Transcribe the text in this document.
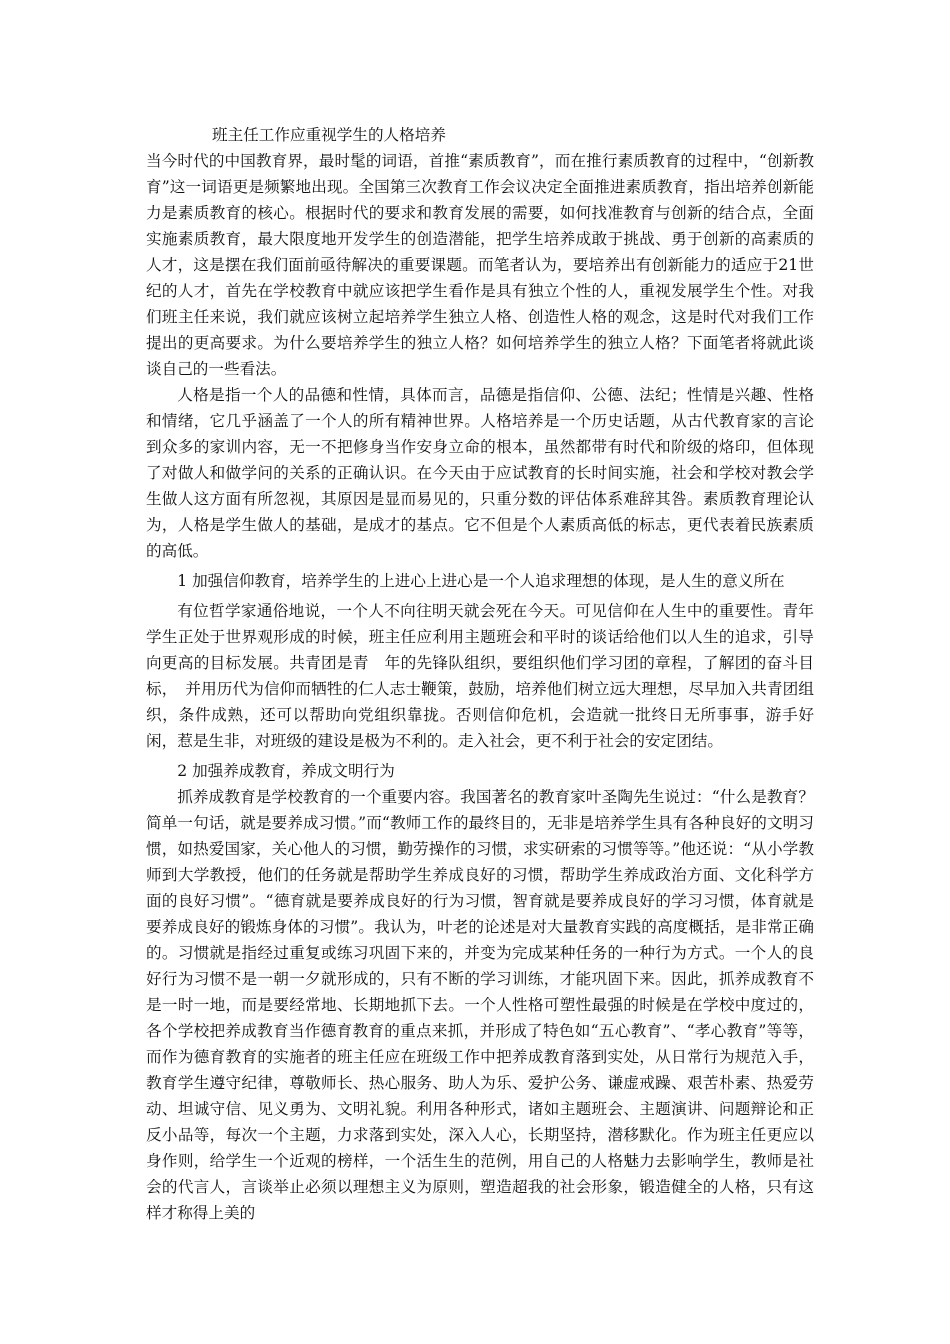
班主任工作应重视学生的人格培养

当今时代的中国教育界，最时髦的词语，首推“素质教育”，而在推行素质教育的过程中，“创新教育”这一词语更是频繁地出现。全国第三次教育工作会议决定全面推进素质教育，指出培养创新能力是素质教育的核心。根据时代的要求和教育发展的需要，如何找准教育与创新的结合点，全面实施素质教育，最大限度地开发学生的创造潜能，把学生培养成敢于挑战、勇于创新的高素质的人才，这是摆在我们面前亟待解决的重要课题。而笔者认为，要培养出有创新能力的适应于21世纪的人才，首先在学校教育中就应该把学生看作是具有独立个性的人，重视发展学生个性。对我们班主任来说，我们就应该树立起培养学生独立人格、创造性人格的观念，这是时代对我们工作提出的更高要求。为什么要培养学生的独立人格？如何培养学生的独立人格？下面笔者将就此谈谈自己的一些看法。

人格是指一个人的品德和性情，具体而言，品德是指信仰、公德、法纪；性情是兴趣、性格和情绪，它几乎涵盖了一个人的所有精神世界。人格培养是一个历史话题，从古代教育家的言论到众多的家训内容，无一不把修身当作安身立命的根本，虽然都带有时代和阶级的烙印，但体现了对做人和做学问的关系的正确认识。在今天由于应试教育的长时间实施，社会和学校对教会学生做人这方面有所忽视，其原因是显而易见的，只重分数的评估体系难辞其咎。素质教育理论认为，人格是学生做人的基础，是成才的基点。它不但是个人素质高低的标志，更代表着民族素质的高低。

1 加强信仰教育，培养学生的上进心上进心是一个人追求理想的体现，是人生的意义所在

有位哲学家通俗地说，一个人不向往明天就会死在今天。可见信仰在人生中的重要性。青年学生正处于世界观形成的时候，班主任应利用主题班会和平时的谈话给他们以人生的追求，引导向更高的目标发展。共青团是青　年的先锋队组织，要组织他们学习团的章程，了解团的奋斗目标，　并用历代为信仰而牺牲的仁人志士鞭策，鼓励，培养他们树立远大理想，尽早加入共青团组织，条件成熟，还可以帮助向党组织靠拢。否则信仰危机，会造就一批终日无所事事，游手好闲，惹是生非，对班级的建设是极为不利的。走入社会，更不利于社会的安定团结。

2 加强养成教育，养成文明行为

抓养成教育是学校教育的一个重要内容。我国著名的教育家叶圣陶先生说过：“什么是教育？简单一句话，就是要养成习惯。”而“教师工作的最终目的，无非是培养学生具有各种良好的文明习惯，如热爱国家，关心他人的习惯，勤劳操作的习惯，求实研索的习惯等等。”他还说：“从小学教师到大学教授，他们的任务就是帮助学生养成良好的习惯，帮助学生养成政治方面、文化科学方面的良好习惯”。“德育就是要养成良好的行为习惯，智育就是要养成良好的学习习惯，体育就是要养成良好的锻炼身体的习惯”。我认为，叶老的论述是对大量教育实践的高度概括，是非常正确的。习惯就是指经过重复或练习巩固下来的，并变为完成某种任务的一种行为方式。一个人的良好行为习惯不是一朝一夕就形成的，只有不断的学习训练，才能巩固下来。因此，抓养成教育不是一时一地，而是要经常地、长期地抓下去。一个人性格可塑性最强的时候是在学校中度过的，各个学校把养成教育当作德育教育的重点来抓，并形成了特色如“五心教育”、“孝心教育”等等，而作为德育教育的实施者的班主任应在班级工作中把养成教育落到实处，从日常行为规范入手，教育学生遵守纪律，尊敬师长、热心服务、助人为乐、爱护公务、谦虚戒躁、艰苦朴素、热爱劳动、坦诚守信、见义勇为、文明礼貌。利用各种形式，诸如主题班会、主题演讲、问题辩论和正反小品等，每次一个主题，力求落到实处，深入人心，长期坚持，潜移默化。作为班主任更应以身作则，给学生一个近观的榜样，一个活生生的范例，用自己的人格魅力去影响学生，教师是社会的代言人，言谈举止必须以理想主义为原则，塑造超我的社会形象，锻造健全的人格，只有这样才称得上美的
